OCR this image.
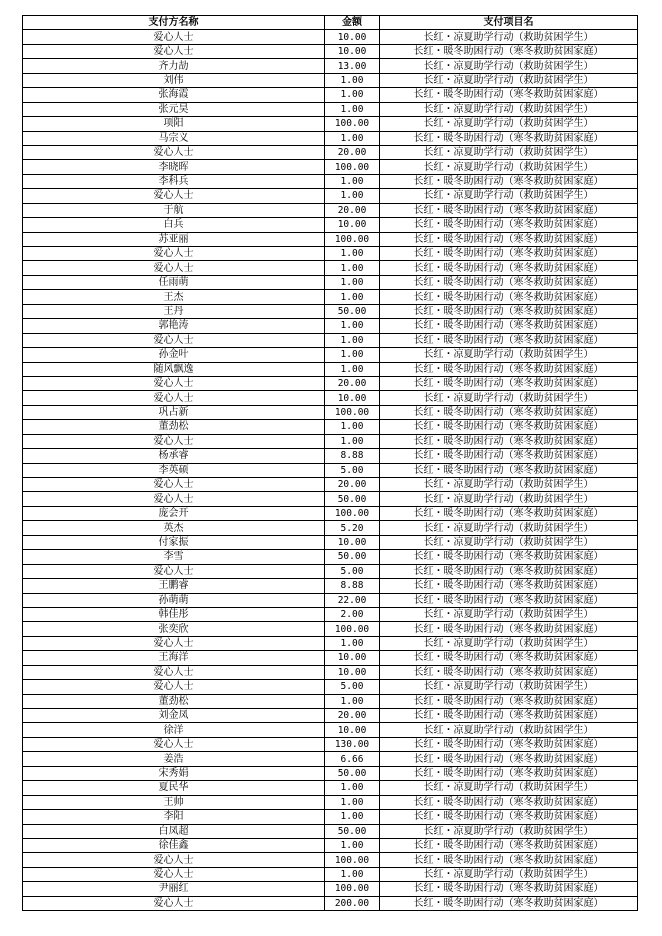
支付方名称	金额	支付项目名
爱心人士	10.00	长红・凉夏助学行动（救助贫困学生）
爱心人士	10.00	长红・暖冬助困行动（寒冬救助贫困家庭）
齐力劼	13.00	长红・凉夏助学行动（救助贫困学生）
刘伟	1.00	长红・凉夏助学行动（救助贫困学生）
张海霞	1.00	长红・暖冬助困行动（寒冬救助贫困家庭）
张元昊	1.00	长红・凉夏助学行动（救助贫困学生）
项阳	100.00	长红・凉夏助学行动（救助贫困学生）
马宗义	1.00	长红・暖冬助困行动（寒冬救助贫困家庭）
爱心人士	20.00	长红・凉夏助学行动（救助贫困学生）
李晓晖	100.00	长红・凉夏助学行动（救助贫困学生）
李科兵	1.00	长红・暖冬助困行动（寒冬救助贫困家庭）
爱心人士	1.00	长红・凉夏助学行动（救助贫困学生）
于航	20.00	长红・暖冬助困行动（寒冬救助贫困家庭）
白兵	10.00	长红・暖冬助困行动（寒冬救助贫困家庭）
苏亚丽	100.00	长红・暖冬助困行动（寒冬救助贫困家庭）
爱心人士	1.00	长红・暖冬助困行动（寒冬救助贫困家庭）
爱心人士	1.00	长红・暖冬助困行动（寒冬救助贫困家庭）
任雨萌	1.00	长红・暖冬助困行动（寒冬救助贫困家庭）
王杰	1.00	长红・暖冬助困行动（寒冬救助贫困家庭）
王丹	50.00	长红・暖冬助困行动（寒冬救助贫困家庭）
郭艳涛	1.00	长红・暖冬助困行动（寒冬救助贫困家庭）
爱心人士	1.00	长红・暖冬助困行动（寒冬救助贫困家庭）
孙金叶	1.00	长红・凉夏助学行动（救助贫困学生）
随风飘逸	1.00	长红・暖冬助困行动（寒冬救助贫困家庭）
爱心人士	20.00	长红・暖冬助困行动（寒冬救助贫困家庭）
爱心人士	10.00	长红・凉夏助学行动（救助贫困学生）
巩占新	100.00	长红・暖冬助困行动（寒冬救助贫困家庭）
董劲松	1.00	长红・暖冬助困行动（寒冬救助贫困家庭）
爱心人士	1.00	长红・暖冬助困行动（寒冬救助贫困家庭）
杨承睿	8.88	长红・暖冬助困行动（寒冬救助贫困家庭）
李英硕	5.00	长红・暖冬助困行动（寒冬救助贫困家庭）
爱心人士	20.00	长红・凉夏助学行动（救助贫困学生）
爱心人士	50.00	长红・凉夏助学行动（救助贫困学生）
庞会开	100.00	长红・暖冬助困行动（寒冬救助贫困家庭）
英杰	5.20	长红・凉夏助学行动（救助贫困学生）
付家振	10.00	长红・凉夏助学行动（救助贫困学生）
李雪	50.00	长红・暖冬助困行动（寒冬救助贫困家庭）
爱心人士	5.00	长红・暖冬助困行动（寒冬救助贫困家庭）
王鹏睿	8.88	长红・暖冬助困行动（寒冬救助贫困家庭）
孙萌萌	22.00	长红・暖冬助困行动（寒冬救助贫困家庭）
韩佳彤	2.00	长红・凉夏助学行动（救助贫困学生）
张奕欣	100.00	长红・暖冬助困行动（寒冬救助贫困家庭）
爱心人士	1.00	长红・凉夏助学行动（救助贫困学生）
王海洋	10.00	长红・暖冬助困行动（寒冬救助贫困家庭）
爱心人士	10.00	长红・暖冬助困行动（寒冬救助贫困家庭）
爱心人士	5.00	长红・凉夏助学行动（救助贫困学生）
董劲松	1.00	长红・暖冬助困行动（寒冬救助贫困家庭）
刘金凤	20.00	长红・暖冬助困行动（寒冬救助贫困家庭）
徐洋	10.00	长红・凉夏助学行动（救助贫困学生）
爱心人士	130.00	长红・暖冬助困行动（寒冬救助贫困家庭）
姜浩	6.66	长红・暖冬助困行动（寒冬救助贫困家庭）
宋秀娟	50.00	长红・暖冬助困行动（寒冬救助贫困家庭）
夏民华	1.00	长红・凉夏助学行动（救助贫困学生）
王帅	1.00	长红・暖冬助困行动（寒冬救助贫困家庭）
李阳	1.00	长红・暖冬助困行动（寒冬救助贫困家庭）
白凤超	50.00	长红・凉夏助学行动（救助贫困学生）
徐佳鑫	1.00	长红・暖冬助困行动（寒冬救助贫困家庭）
爱心人士	100.00	长红・暖冬助困行动（寒冬救助贫困家庭）
爱心人士	1.00	长红・凉夏助学行动（救助贫困学生）
尹丽红	100.00	长红・暖冬助困行动（寒冬救助贫困家庭）
爱心人士	200.00	长红・暖冬助困行动（寒冬救助贫困家庭）
